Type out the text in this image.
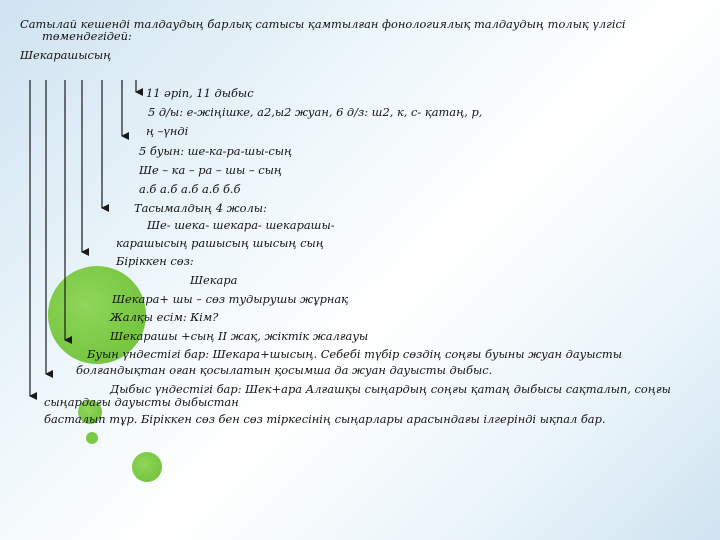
Сатылай кешенді талдаудың барлық сатысы қамтылған фонологиялық талдаудың толық үлгісі
төмендегідей:
Шекарашысың
11 әріп, 11 дыбыс
5 д/ы: е-жіңішке, а2,ы2 жуан, 6 д/з: ш2, к, с- қатаң, р,
ң –үнді
5 буын: ше-ка-ра-шы-сың
Ше – ка – ра – шы – сың
а.б а.б а.б а.б б.б
Тасымалдың 4 жолы:
Ше- шека- шекара- шекарашы-
карашысың рашысың шысың сың
Біріккен сөз:
Шекара
Шекара+ шы – сөз тудырушы жұрнақ
Жалқы есім: Кім?
Шекарашы +сың II жақ, жіктік жалғауы
Буын үндестігі бар: Шекара+шысың. Себебі түбір сөздің соңғы буыны жуан дауысты
болғандықтан оған қосылатын қосымша да жуан дауысты дыбыс.
Дыбыс үндестігі бар: Шек+ара Алғашқы сыңардың соңғы қатаң дыбысы сақталып, соңғы
сыңардағы дауысты дыбыстан
басталып тұр. Біріккен сөз бен сөз тіркесінің сыңарлары арасындағы ілгерінді ықпал бар.
